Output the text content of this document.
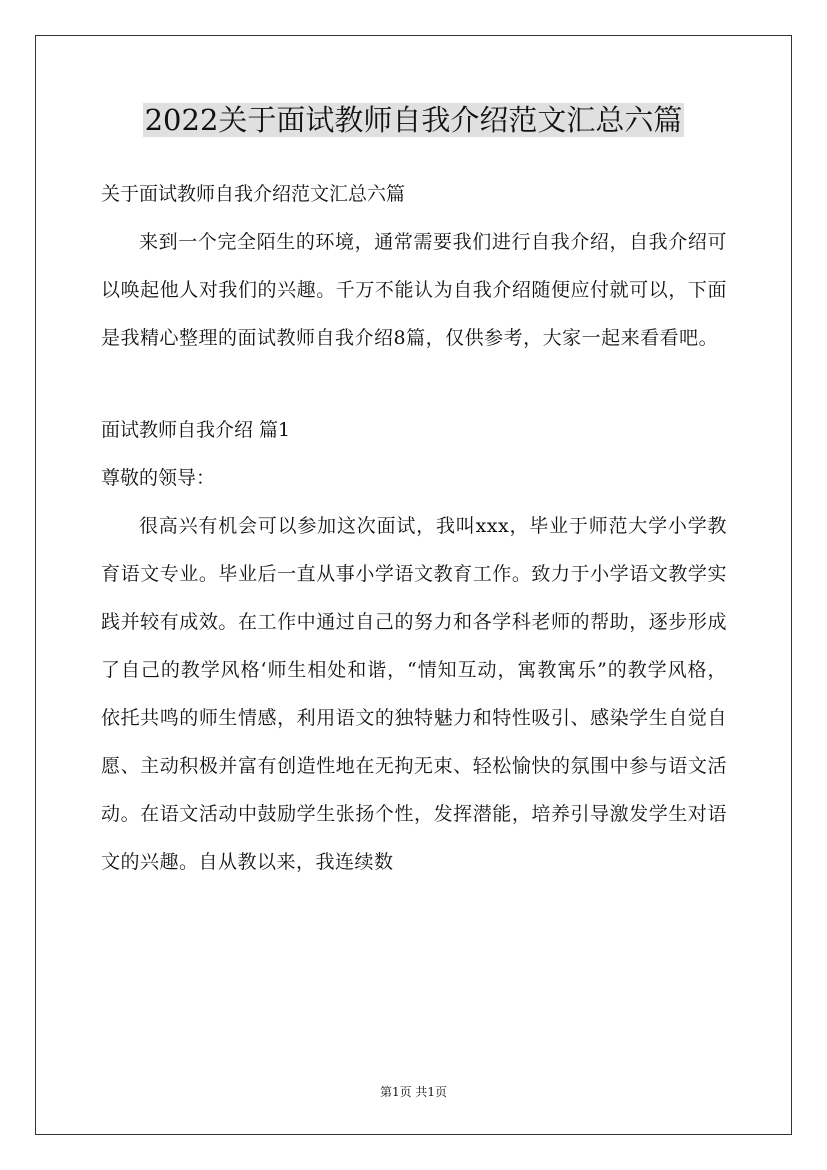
2022关于面试教师自我介绍范文汇总六篇

关于面试教师自我介绍范文汇总六篇

来到一个完全陌生的环境，通常需要我们进行自我介绍，自我介绍可以唤起他人对我们的兴趣。千万不能认为自我介绍随便应付就可以，下面是我精心整理的面试教师自我介绍8篇，仅供参考，大家一起来看看吧。

面试教师自我介绍 篇1

尊敬的领导：

很高兴有机会可以参加这次面试，我叫xxx，毕业于师范大学小学教育语文专业。毕业后一直从事小学语文教育工作。致力于小学语文教学实践并较有成效。在工作中通过自己的努力和各学科老师的帮助，逐步形成了自己的教学风格‘师生相处和谐，“情知互动，寓教寓乐”的教学风格，依托共鸣的师生情感，利用语文的独特魅力和特性吸引、感染学生自觉自愿、主动积极并富有创造性地在无拘无束、轻松愉快的氛围中参与语文活动。在语文活动中鼓励学生张扬个性，发挥潜能，培养引导激发学生对语文的兴趣。自从教以来，我连续数

第1页 共1页
